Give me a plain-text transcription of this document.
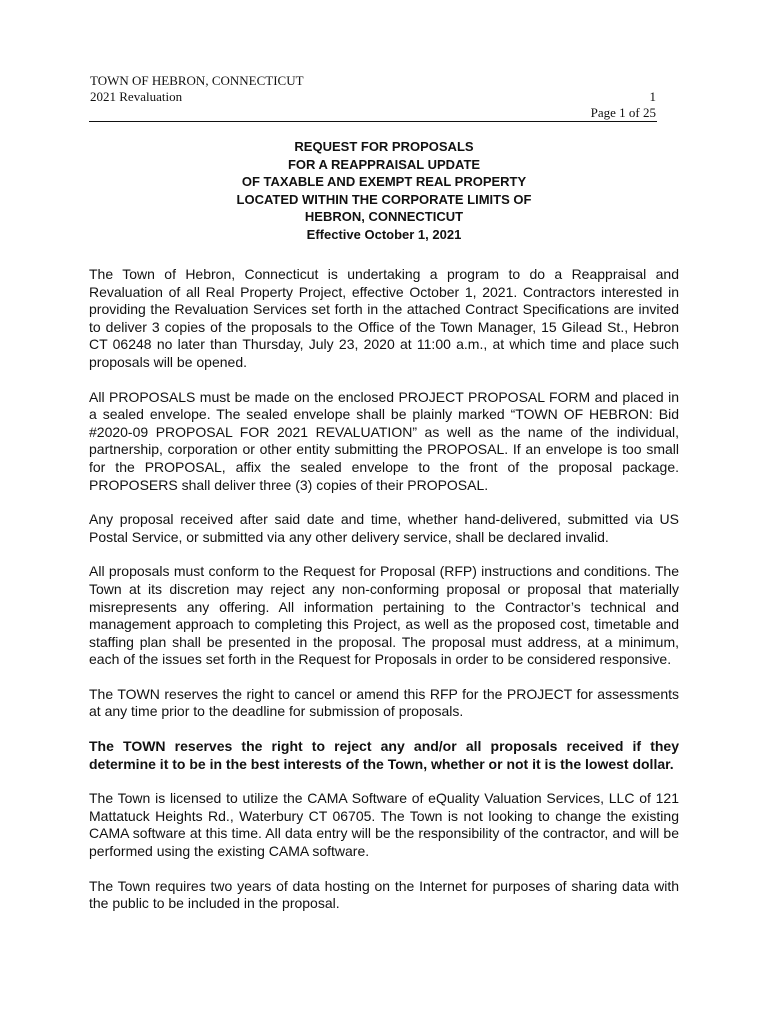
TOWN OF HEBRON, CONNECTICUT
2021 Revaluation	1
Page 1 of 25
REQUEST FOR PROPOSALS
FOR A REAPPRAISAL UPDATE
OF TAXABLE AND EXEMPT REAL PROPERTY
LOCATED WITHIN THE CORPORATE LIMITS OF
HEBRON, CONNECTICUT
Effective October 1, 2021

The Town of Hebron, Connecticut is undertaking a program to do a Reappraisal and Revaluation of all Real Property Project, effective October 1, 2021. Contractors interested in providing the Revaluation Services set forth in the attached Contract Specifications are invited to deliver 3 copies of the proposals to the Office of the Town Manager, 15 Gilead St., Hebron CT 06248 no later than Thursday, July 23, 2020 at 11:00 a.m., at which time and place such proposals will be opened.

All PROPOSALS must be made on the enclosed PROJECT PROPOSAL FORM and placed in a sealed envelope. The sealed envelope shall be plainly marked “TOWN OF HEBRON: Bid #2020-09 PROPOSAL FOR 2021 REVALUATION” as well as the name of the individual, partnership, corporation or other entity submitting the PROPOSAL. If an envelope is too small for the PROPOSAL, affix the sealed envelope to the front of the proposal package. PROPOSERS shall deliver three (3) copies of their PROPOSAL.

Any proposal received after said date and time, whether hand-delivered, submitted via US Postal Service, or submitted via any other delivery service, shall be declared invalid.

All proposals must conform to the Request for Proposal (RFP) instructions and conditions. The Town at its discretion may reject any non-conforming proposal or proposal that materially misrepresents any offering. All information pertaining to the Contractor’s technical and management approach to completing this Project, as well as the proposed cost, timetable and staffing plan shall be presented in the proposal. The proposal must address, at a minimum, each of the issues set forth in the Request for Proposals in order to be considered responsive.

The TOWN reserves the right to cancel or amend this RFP for the PROJECT for assessments at any time prior to the deadline for submission of proposals.

The TOWN reserves the right to reject any and/or all proposals received if they determine it to be in the best interests of the Town, whether or not it is the lowest dollar.

The Town is licensed to utilize the CAMA Software of eQuality Valuation Services, LLC of 121 Mattatuck Heights Rd., Waterbury CT 06705. The Town is not looking to change the existing CAMA software at this time. All data entry will be the responsibility of the contractor, and will be performed using the existing CAMA software.

The Town requires two years of data hosting on the Internet for purposes of sharing data with the public to be included in the proposal.
